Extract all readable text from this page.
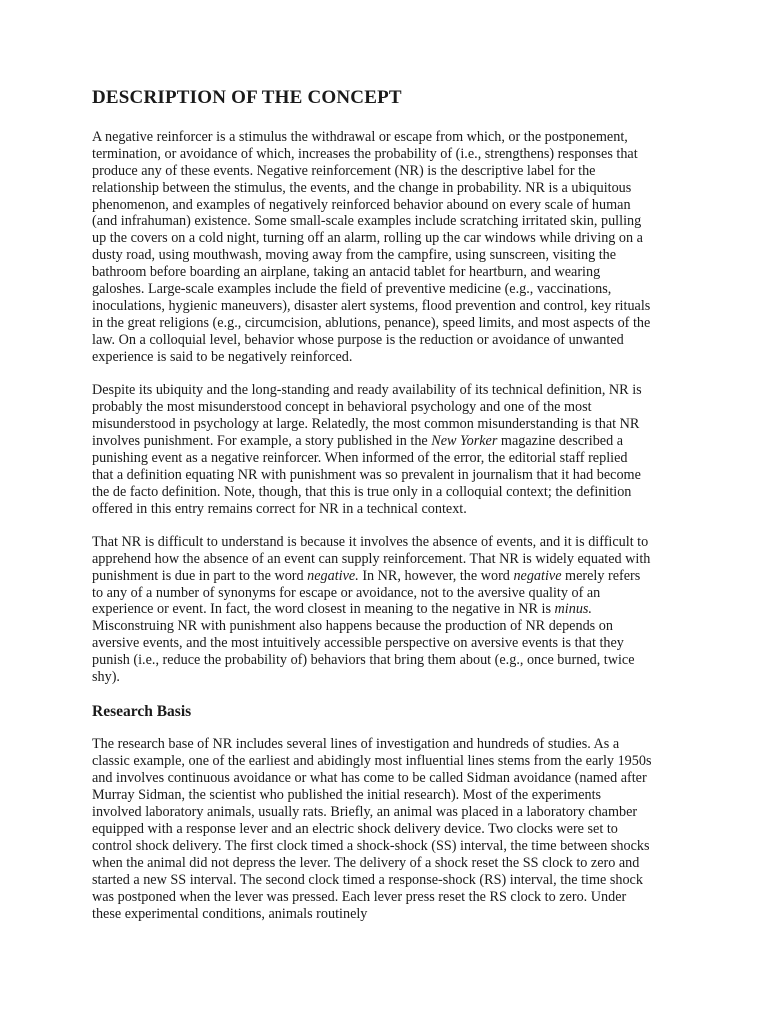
DESCRIPTION OF THE CONCEPT

A negative reinforcer is a stimulus the withdrawal or escape from which, or the postponement, termination, or avoidance of which, increases the probability of (i.e., strengthens) responses that produce any of these events. Negative reinforcement (NR) is the descriptive label for the relationship between the stimulus, the events, and the change in probability. NR is a ubiquitous phenomenon, and examples of negatively reinforced behavior abound on every scale of human (and infrahuman) existence. Some small-scale examples include scratching irritated skin, pulling up the covers on a cold night, turning off an alarm, rolling up the car windows while driving on a dusty road, using mouthwash, moving away from the campfire, using sunscreen, visiting the bathroom before boarding an airplane, taking an antacid tablet for heartburn, and wearing galoshes. Large-scale examples include the field of preventive medicine (e.g., vaccinations, inoculations, hygienic maneuvers), disaster alert systems, flood prevention and control, key rituals in the great religions (e.g., circumcision, ablutions, penance), speed limits, and most aspects of the law. On a colloquial level, behavior whose purpose is the reduction or avoidance of unwanted experience is said to be negatively reinforced.

Despite its ubiquity and the long-standing and ready availability of its technical definition, NR is probably the most misunderstood concept in behavioral psychology and one of the most misunderstood in psychology at large. Relatedly, the most common misunderstanding is that NR involves punishment. For example, a story published in the New Yorker magazine described a punishing event as a negative reinforcer. When informed of the error, the editorial staff replied that a definition equating NR with punishment was so prevalent in journalism that it had become the de facto definition. Note, though, that this is true only in a colloquial context; the definition offered in this entry remains correct for NR in a technical context.

That NR is difficult to understand is because it involves the absence of events, and it is difficult to apprehend how the absence of an event can supply reinforcement. That NR is widely equated with punishment is due in part to the word negative. In NR, however, the word negative merely refers to any of a number of synonyms for escape or avoidance, not to the aversive quality of an experience or event. In fact, the word closest in meaning to the negative in NR is minus. Misconstruing NR with punishment also happens because the production of NR depends on aversive events, and the most intuitively accessible perspective on aversive events is that they punish (i.e., reduce the probability of) behaviors that bring them about (e.g., once burned, twice shy).

Research Basis

The research base of NR includes several lines of investigation and hundreds of studies. As a classic example, one of the earliest and abidingly most influential lines stems from the early 1950s and involves continuous avoidance or what has come to be called Sidman avoidance (named after Murray Sidman, the scientist who published the initial research). Most of the experiments involved laboratory animals, usually rats. Briefly, an animal was placed in a laboratory chamber equipped with a response lever and an electric shock delivery device. Two clocks were set to control shock delivery. The first clock timed a shock-shock (SS) interval, the time between shocks when the animal did not depress the lever. The delivery of a shock reset the SS clock to zero and started a new SS interval. The second clock timed a response-shock (RS) interval, the time shock was postponed when the lever was pressed. Each lever press reset the RS clock to zero. Under these experimental conditions, animals routinely
